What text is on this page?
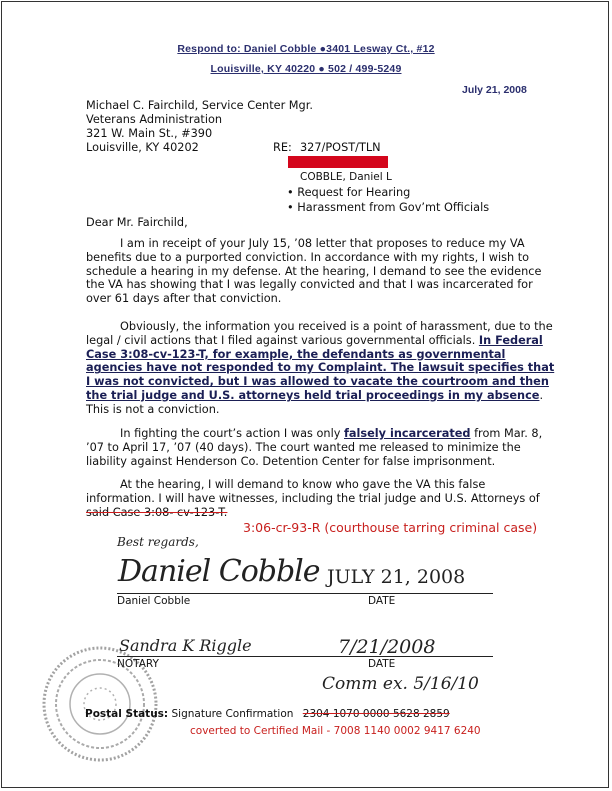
Respond to: Daniel Cobble ●3401 Lesway Ct., #12
Louisville, KY 40220 ● 502 / 499-5249
July 21, 2008
Michael C. Fairchild, Service Center Mgr.
Veterans Administration
321 W. Main St., #390
Louisville, KY 40202	RE: 327/POST/TLN
COBBLE, Daniel L
• Request for Hearing
• Harassment from Gov’mt Officials
Dear Mr. Fairchild,
I am in receipt of your July 15, ’08 letter that proposes to reduce my VA benefits due to a purported conviction. In accordance with my rights, I wish to schedule a hearing in my defense. At the hearing, I demand to see the evidence the VA has showing that I was legally convicted and that I was incarcerated for over 61 days after that conviction.
Obviously, the information you received is a point of harassment, due to the legal / civil actions that I filed against various governmental officials. In Federal Case 3:08-cv-123-T, for example, the defendants as governmental agencies have not responded to my Complaint. The lawsuit specifies that I was not convicted, but I was allowed to vacate the courtroom and then the trial judge and U.S. attorneys held trial proceedings in my absence. This is not a conviction.
In fighting the court’s action I was only falsely incarcerated from Mar. 8, ’07 to April 17, ’07 (40 days). The court wanted me released to minimize the liability against Henderson Co. Detention Center for false imprisonment.
At the hearing, I will demand to know who gave the VA this false information. I will have witnesses, including the trial judge and U.S. Attorneys of said Case 3:08- cv-123-T.
3:06-cr-93-R (courthouse tarring criminal case)
Best regards,
Daniel Cobble JULY 21, 2008
Daniel Cobble	DATE
Sandra K Riggle	7/21/2008
NOTARY	DATE
Comm ex. 5/16/10
Postal Status: Signature Confirmation 2304 1070 0000 5628 2859
coverted to Certified Mail - 7008 1140 0002 9417 6240
